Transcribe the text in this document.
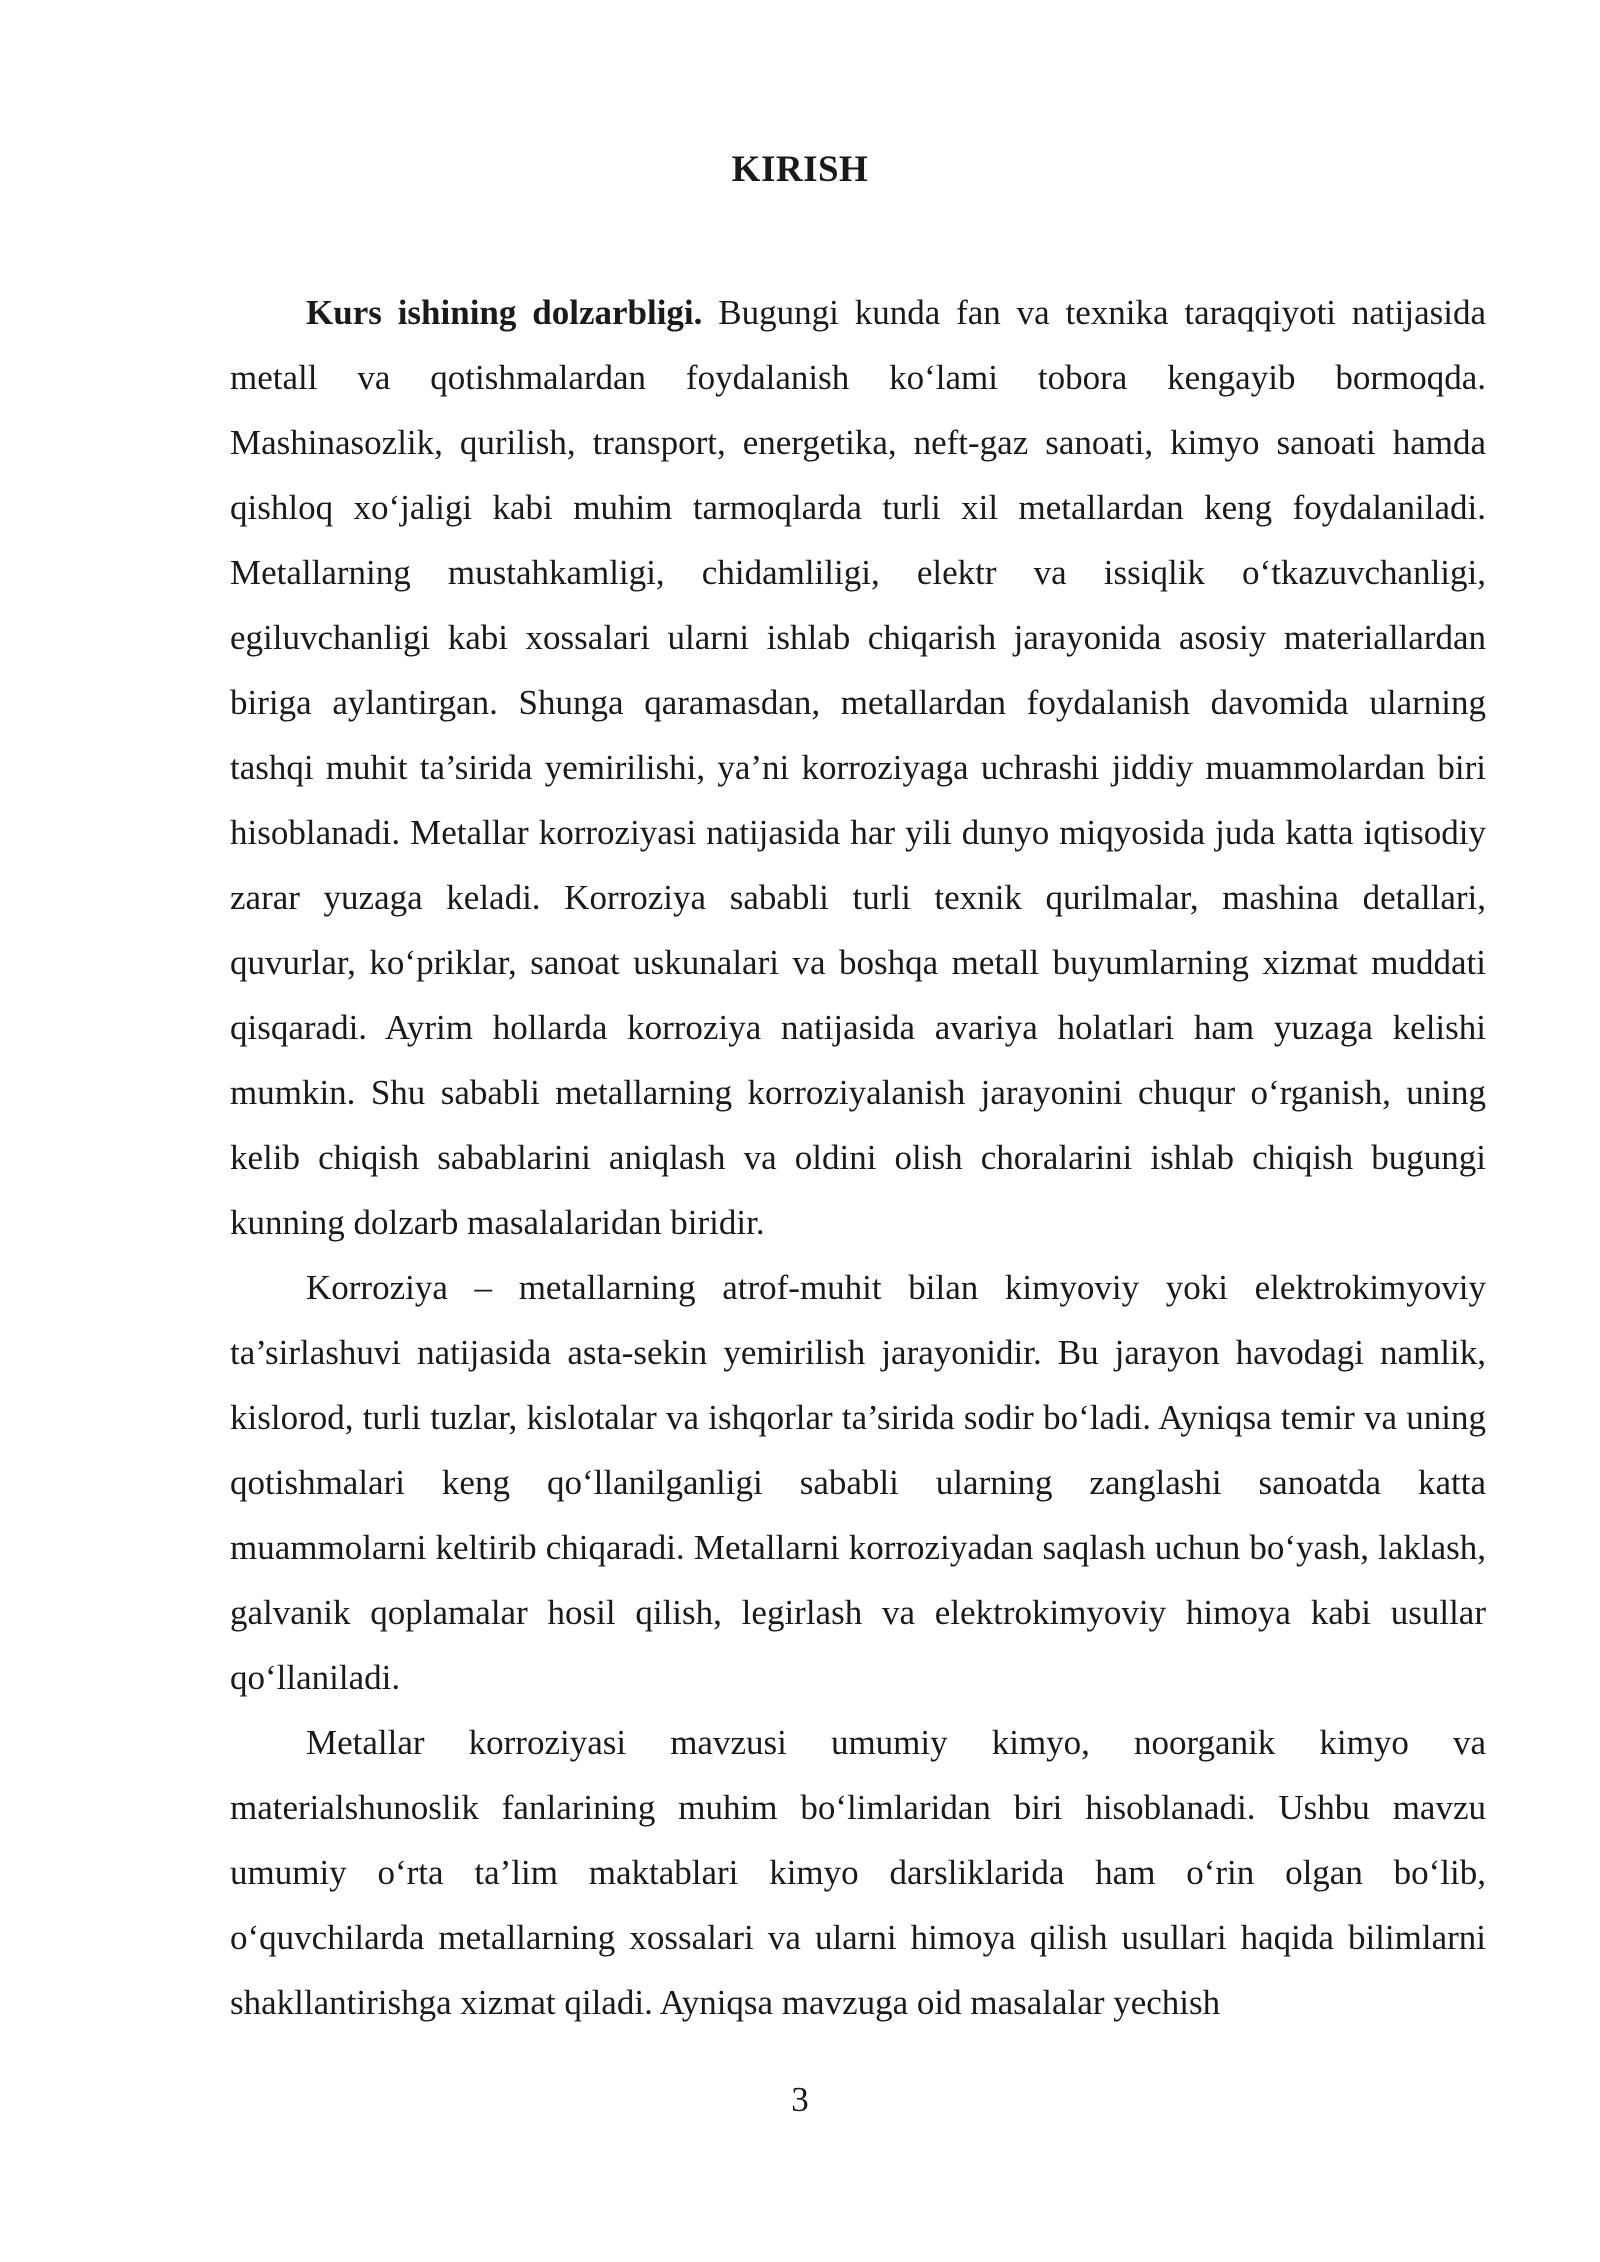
KIRISH

Kurs ishining dolzarbligi. Bugungi kunda fan va texnika taraqqiyoti natijasida metall va qotishmalardan foydalanish ko‘lami tobora kengayib bormoqda. Mashinasozlik, qurilish, transport, energetika, neft-gaz sanoati, kimyo sanoati hamda qishloq xo‘jaligi kabi muhim tarmoqlarda turli xil metallardan keng foydalaniladi. Metallarning mustahkamligi, chidamliligi, elektr va issiqlik o‘tkazuvchanligi, egiluvchanligi kabi xossalari ularni ishlab chiqarish jarayonida asosiy materiallardan biriga aylantirgan. Shunga qaramasdan, metallardan foydalanish davomida ularning tashqi muhit ta’sirida yemirilishi, ya’ni korroziyaga uchrashi jiddiy muammolardan biri hisoblanadi. Metallar korroziyasi natijasida har yili dunyo miqyosida juda katta iqtisodiy zarar yuzaga keladi. Korroziya sababli turli texnik qurilmalar, mashina detallari, quvurlar, ko‘priklar, sanoat uskunalari va boshqa metall buyumlarning xizmat muddati qisqaradi. Ayrim hollarda korroziya natijasida avariya holatlari ham yuzaga kelishi mumkin. Shu sababli metallarning korroziyalanish jarayonini chuqur o‘rganish, uning kelib chiqish sabablarini aniqlash va oldini olish choralarini ishlab chiqish bugungi kunning dolzarb masalalaridan biridir.

Korroziya – metallarning atrof-muhit bilan kimyoviy yoki elektrokimyoviy ta’sirlashuvi natijasida asta-sekin yemirilish jarayonidir. Bu jarayon havodagi namlik, kislorod, turli tuzlar, kislotalar va ishqorlar ta’sirida sodir bo‘ladi. Ayniqsa temir va uning qotishmalari keng qo‘llanilganligi sababli ularning zanglashi sanoatda katta muammolarni keltirib chiqaradi. Metallarni korroziyadan saqlash uchun bo‘yash, laklash, galvanik qoplamalar hosil qilish, legirlash va elektrokimyoviy himoya kabi usullar qo‘llaniladi.

Metallar korroziyasi mavzusi umumiy kimyo, noorganik kimyo va materialshunoslik fanlarining muhim bo‘limlaridan biri hisoblanadi. Ushbu mavzu umumiy o‘rta ta’lim maktablari kimyo darsliklarida ham o‘rin olgan bo‘lib, o‘quvchilarda metallarning xossalari va ularni himoya qilish usullari haqida bilimlarni shakllantirishga xizmat qiladi. Ayniqsa mavzuga oid masalalar yechish

3
